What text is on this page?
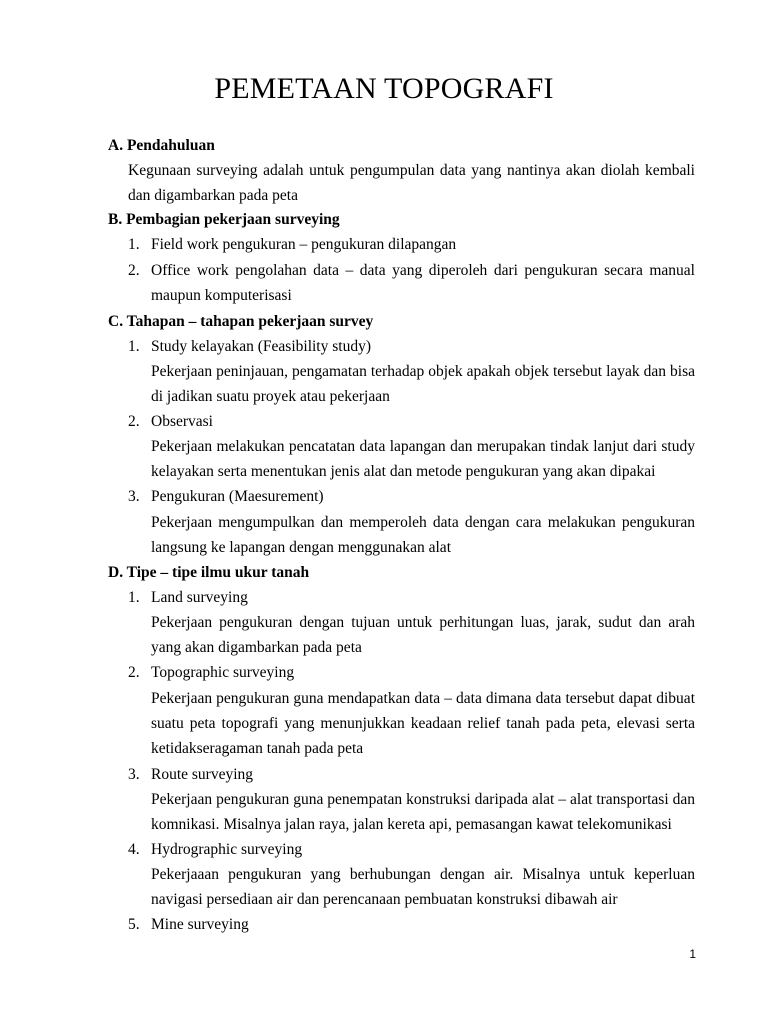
PEMETAAN TOPOGRAFI
A. Pendahuluan
Kegunaan surveying adalah untuk pengumpulan data yang nantinya akan diolah kembali dan digambarkan pada peta
B. Pembagian pekerjaan surveying
1. Field work pengukuran – pengukuran dilapangan
2. Office work pengolahan data – data yang diperoleh dari pengukuran secara manual maupun komputerisasi
C. Tahapan – tahapan pekerjaan survey
1. Study kelayakan (Feasibility study)
Pekerjaan peninjauan, pengamatan terhadap objek apakah objek tersebut layak dan bisa di jadikan suatu proyek atau pekerjaan
2. Observasi
Pekerjaan melakukan pencatatan data lapangan dan merupakan tindak lanjut dari study kelayakan serta menentukan jenis alat dan metode pengukuran yang akan dipakai
3. Pengukuran (Maesurement)
Pekerjaan mengumpulkan dan memperoleh data dengan cara melakukan pengukuran langsung ke lapangan dengan menggunakan alat
D. Tipe – tipe ilmu ukur tanah
1. Land surveying
Pekerjaan pengukuran dengan tujuan untuk perhitungan luas, jarak, sudut dan arah yang akan digambarkan pada peta
2. Topographic surveying
Pekerjaan pengukuran guna mendapatkan data – data dimana data tersebut dapat dibuat suatu peta topografi yang menunjukkan keadaan relief tanah pada peta, elevasi serta ketidakseragaman tanah pada peta
3. Route surveying
Pekerjaan pengukuran guna penempatan konstruksi daripada alat – alat transportasi dan komnikasi. Misalnya jalan raya, jalan kereta api, pemasangan kawat telekomunikasi
4. Hydrographic surveying
Pekerjaaan pengukuran yang berhubungan dengan air. Misalnya untuk keperluan navigasi persediaan air dan perencanaan pembuatan konstruksi dibawah air
5. Mine surveying
1
